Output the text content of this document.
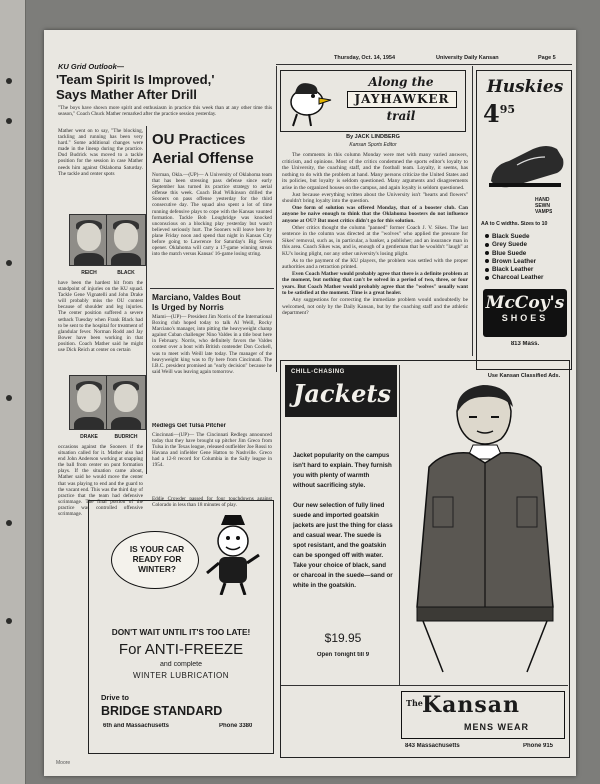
KU Grid Outlook—
Thursday, Oct. 14, 1954	University Daily Kansan	Page 5
'Team Spirit Is Improved,'
Says Mather After Drill
"The boys have shown more spirit and enthusiasm in practice this week than at any other time this season," Coach Chuck Mather remarked after the practice session yesterday.
Mather went on to say, "The blocking, tackling and running has been very hard." Some additional changes were made in the lineup during the practice. Dud Budrick was moved to a tackle position for the session in case Mather needs him against Oklahoma Saturday. The tackle and center spots
REICH	BLACK
have been the hardest hit from the standpoint of injuries on the KU squad. Tackle Gene Vignatelli and John Drake will probably miss the OU contest because of shoulder and leg injuries. The center position suffered a severe setback Tuesday when Frank Black had to be sent to the hospital for treatment of glandular fever. Norman Rodd and Jay Bower have been working in that position. Coach Mather said he might use Dick Reich at center on certain
DRAKE	BUDRICH
occasions against the Sooners if the situation called for it. Mather also had end John Anderson working at snapping the ball from center on punt formation plays. If the situation came about, Mather said he would move the center that was playing to end and the guard to the vacant end. This was the third day of practice that the team had defensive scrimmage. The final portion of the practice was controlled offensive scrimmage.
OU Practices
Aerial Offense
Norman, Okla.—(UP)— A University of Oklahoma team that has been stressing pass defense since early September has turned its practice strategy to aerial offense this week. Coach Bud Wilkinson drilled the Sooners on pass offense yesterday for the third consecutive day. The squad also spent a lot of time running defensive plays to cope with the Kansas vaunted formation. Tackle Bob Loughridge was knocked unconscious on a blocking play yesterday but wasn't believed seriously hurt. The Sooners will leave here by plane Friday noon and spend that night in Kansas City before going to Lawrence for Saturday's Big Seven opener. Oklahoma will carry a 17-game winning streak into the match versus Kansas' 16-game losing string.
Marciano, Valdes Bout
Is Urged by Norris
Miami—(UP)— President Jim Norris of the International Boxing club hoped today to talk Al Weill, Rocky Marciano's manager, into pitting the heavyweight champ against Cuban challenger Nino Valdes in a title bout here in February. Norris, who definitely favors the Valdes contest over a bout with British contender Don Cockell, was to meet with Weill late today. The manager of the heavyweight king was to fly here from Cincinnati. The I.B.C. president promised an "early decision" because he said Weill was leaving again tomorrow.
Redlegs Get Tulsa Pitcher
Cincinnati—(UP)— The Cincinnati Redlegs announced today that they have brought up pitcher Jim Greco from Tulsa in the Texas league, released outfielder Joe Rossi to Havana and infielder Gene Hatton to Nashville. Greco had a 12-8 record for Columbia in the Sally league in 1954.
Eddie Crowder passed for four touchdowns against Colorado in less than 18 minutes of play.
Along the
JAYHAWKER
trail
By JACK LINDBERG
Kansan Sports Editor

The comments in this column Monday were met with many varied answers, criticism, and opinions. Most of the critics condemned the sports editor's loyalty to the University, the coaching staff, and the football team. Loyalty, it seems, has nothing to do with the problem at hand. Many persons criticize the United States and its policies, but loyalty is seldom questioned. Many arguments and disagreements arise in the organized houses on the campus, and again loyalty is seldom questioned.

Just because everything written about the University isn't "hearts and flowers" shouldn't bring loyalty into the question.

One form of solution was offered Monday, that of a booster club. Can anyone be naive enough to think that the Oklahoma boosters do not influence anyone at OU? But most critics didn't go for this solution.

Other critics thought the column "panned" former Coach J. V. Sikes. The last sentence in the column was directed at the "wolves" who applied the pressure for Sikes' removal, such as, in particular, a banker, a publisher; and an insurance man in this area. Coach Sikes was, and is, enough of a gentleman that he wouldn't "laugh" at KU's losing plight, nor any other university's losing plight.

As to the payment of the KU players, the problem was settled with the proper authorities and a retraction printed.

Even Coach Mather would probably agree that there is a definite problem at the moment, but nothing that can't be solved in a period of two, three, or four years. But Coach Mather would probably agree that the "wolves" usually want to be satisfied at the moment. Time is a great healer.

Any suggestions for correcting the immediate problem would undoubtedly be welcomed, not only by the Daily Kansan, but by the coaching staff and the athletic department?

Huskies
$4^{95}$
HAND
SEWN
VAMPS
AA to C widths. Sizes to 10
Black Suede
Grey Suede
Blue Suede
Brown Leather
Black Leather
Charcoal Leather
McCoy's
SHOES
813 Mass.
Use Kansan Classified Ads.
IS YOUR CAR READY FOR WINTER?
DON'T WAIT UNTIL IT'S TOO LATE!
For ANTI-FREEZE
and complete
WINTER LUBRICATION
Drive to
BRIDGE STANDARD
6th and Massachusetts	Phone 3380
CHILL-CHASING
Jackets
Jacket popularity on the campus isn't hard to explain. They furnish you with plenty of warmth without sacrificing style.
Our new selection of fully lined suede and imported goatskin jackets are just the thing for class and casual wear. The suede is spot resistant, and the goatskin can be sponged off with water. Take your choice of black, sand or charcoal in the suede—sand or white in the goatskin.
$19.95
Open Tonight till 9
The Kansan
MENS WEAR
843 Massachusetts	Phone 915
Moore
